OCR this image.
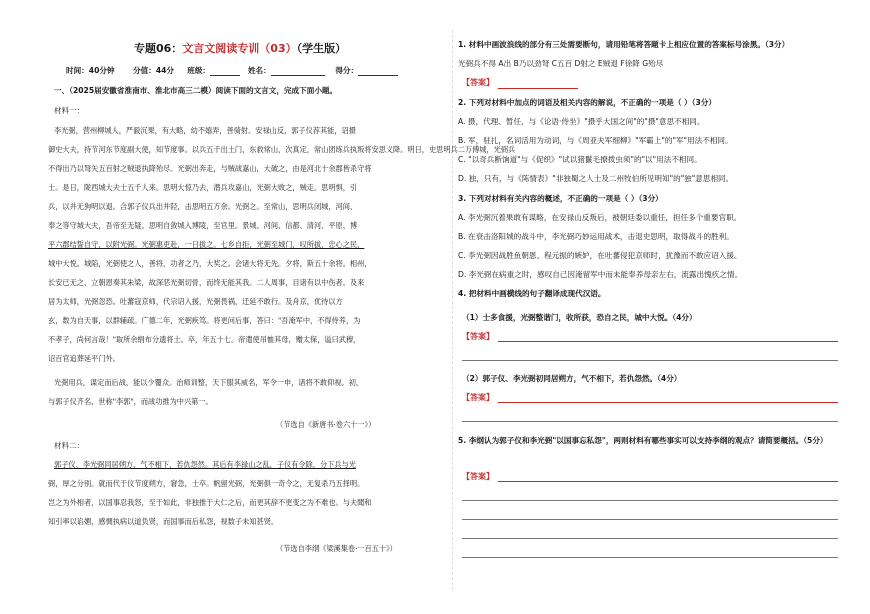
专题06：文言文阅读专训（03）（学生版）
时间：40分钟 分值：44分 班级：	姓名：	得分：
一、（2025届安徽省淮南市、淮北市高三二模）阅读下面的文言文，完成下面小题。
材料一：
李光弼，营州柳城人，严毅沉果，有大略，幼不嬉弄，善骑射。安禄山反，郭子仪荐其能，诏摄
御史大夫，持节河东节度副大使，知节度事。以兵五千出土门，东救常山，次真定，常山团练兵执叛将安思义降。明日，史思明兵二万傅城，光弼兵
不得出乃以弩矢五百射之贼退执降殆尽。光弼出奔走，与贼战嘉山，大破之，由是河北十余郡皆杀守将
士。是日，陇西城大夫士五千人来。思明大惊乃去，潜兵攻嘉山，光弼大败之，贼走。思明惧，引
兵，以并无狗明以退。合郭子仪兵出井陉，击思明五万余。光弼之。至常山，思明兵闭城，河间、
奉之等守城大夫，吾帝至无疑。思明自敛城入博陵，至官里。景城、河间、信都、清河、平原、博
平六郡结誓自守，以附光弼。光弼惠吏赴，一日拔之。七乡自拒，光弼至城门，叹所拔，忠心之民，
城中大悦。城陷，光弼使之人，善将，功者之乃，大奖之。会诸大将无先。夕将，斯五十余将。相州，
长安已无之，立朝恩奏其朱梁，故深恶光弼切骨，而终无能其我。二人周事，目诸有以中伤者。及来
居为太师，光弼忽恐。吐蕃寇京师，代宗诏入援，光弼畏祸，迁延不敢行。及舟京，优待以方
玄，数为自天事，以群辅疏。广德二年，光弼疾笃。将更问后事，答曰："吾淹军中，不得侍养，为
不孝子，尚何言哉！"取所余绢布分遗将士。卒，年五十七。帝遣使吊恤其母，赠太保，谥曰武穆，
诏百官追葬延平门外。
光弼用兵，谋定而后战，能以少覆众。治师训整，天下服其威名，军令一申，诸将不敢仰视。初，
与郭子仪齐名，世称"李郭"，而战功推为中兴第一。
（节选自《新唐书·卷六十一》）
材料二：
郭子仪、李光弼同居朔方，气不相下，若仇怨然。其后有李禄山之乱，子仪有令除，分下兵与光
弼，厚之分别。就而代于仪节度朔方，窘急，士卒。帆留光弼，光弼俱一奇令之，无复杀乃五择明。
岂之为外相者，以国事忍我怒，至于如此，非独推于大仁之后，而更其辞不更变之为不难也。与夫聞和
知引率以谄媚，感惆执病以道负贤，而国事而后私怨，视数子未知甚贤。
（节选自李纲《梁溪集卷·一百五十》）
1. 材料中画波浪线的部分有三处需要断句，请用铅笔将答题卡上相应位置的答案标号涂黑。（3分）
光弼兵不得 A出 B乃以劲弩 C五百 D射之 E贼退 F徐降 G殆尽
【答案】
2. 下列对材料中加点的词语及相关内容的解说，不正确的一项是（ ）（3分）
A. 摄，代理、暂任，与《论语·侍坐》"摄乎大国之间"的"摄"意思不相同。
B. 军，驻扎，名词活用为动词，与《周亚夫军细柳》"军霸上"的"军"用法不相同。
C. "以奇兵断饷道"与《促织》"试以猪鬣毛撩拨虫须"的"以"用法不相同。
D. 独，只有，与《陈情表》"非独蜀之人士及二州牧伯所见明知"的"独"意思相同。
3. 下列对材料有关内容的概述，不正确的一项是（ ）（3分）
A. 李光弼沉着果敢有谋略，在安禄山反叛后，被朝廷委以重任，担任多个重要官职。
B. 在衰击洛阳城的战斗中，李光弼巧妙运用战术，击退史思明，取得战斗的胜利。
C. 李光弼因战胜鱼朝恩、程元振的嫉妒，在吐蕃侵犯京师时，犹豫而不敢应诏入援。
D. 李光弼在病重之时，感叹自己因淹留军中而未能奉养母亲左右，流露出愧疚之情。
4. 把材料中画横线的句子翻译成现代汉语。
（1）士多食援，光弼整谐门，收所获，恐自之民，城中大悦。（4分）
【答案】
（2）郭子仪、李光弼初同居朔方，气不相下，若仇怨然。（4分）
【答案】
5. 李纲认为郭子仪和李光弼"以国事忘私怨"，两则材料有哪些事实可以支持李纲的观点？请简要概括。（5分）
【答案】
